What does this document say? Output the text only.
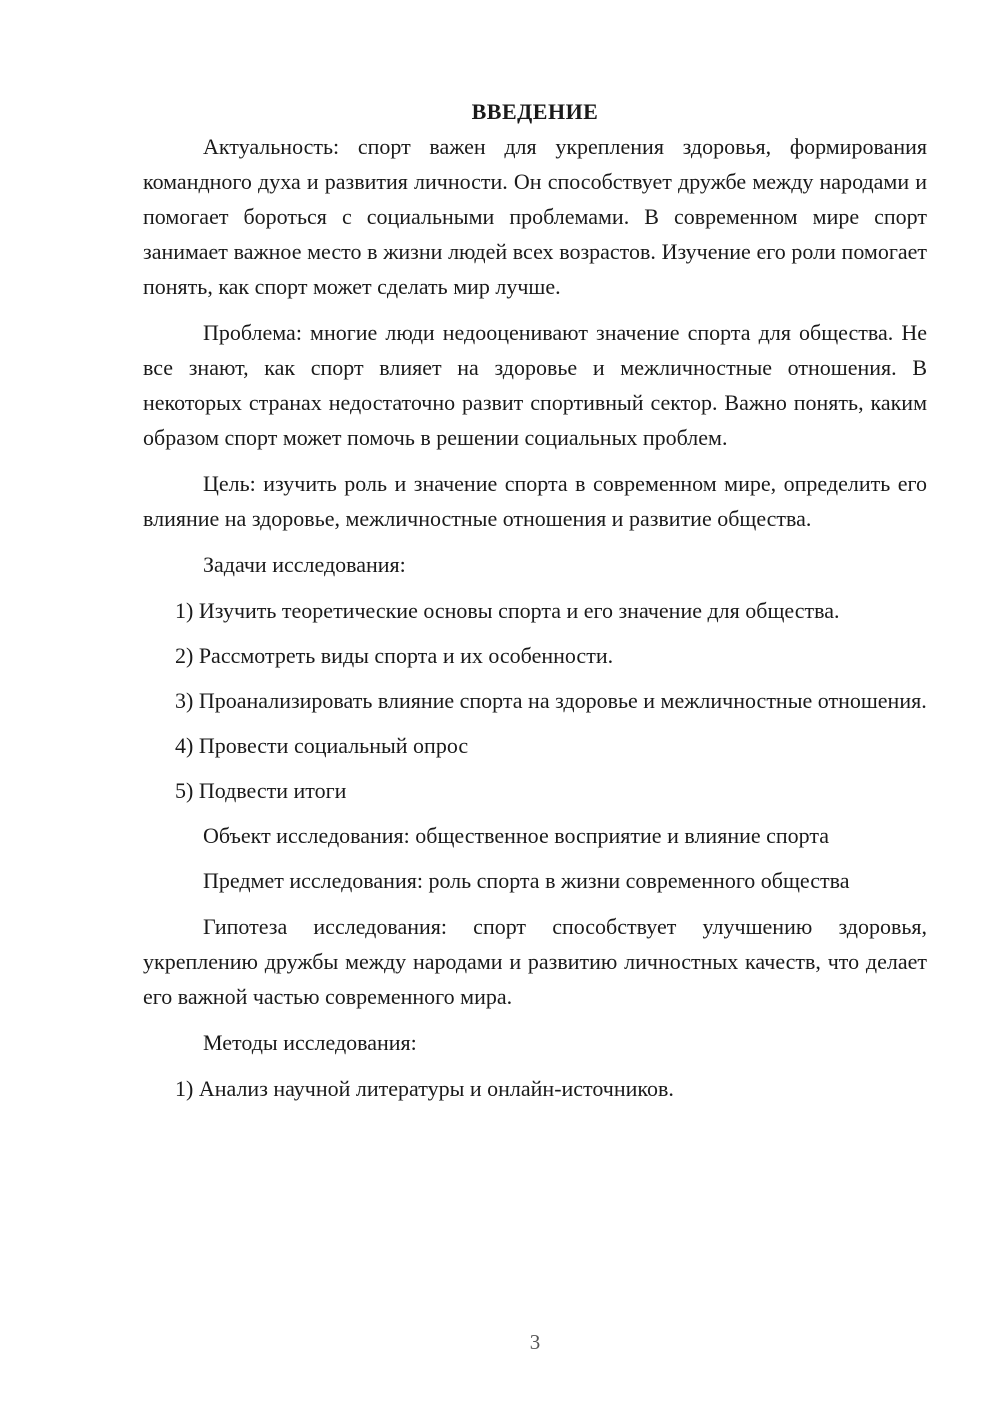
ВВЕДЕНИЕ

Актуальность: спорт важен для укрепления здоровья, формирования командного духа и развития личности. Он способствует дружбе между народами и помогает бороться с социальными проблемами. В современном мире спорт занимает важное место в жизни людей всех возрастов. Изучение его роли помогает понять, как спорт может сделать мир лучше.

Проблема: многие люди недооценивают значение спорта для общества. Не все знают, как спорт влияет на здоровье и межличностные отношения. В некоторых странах недостаточно развит спортивный сектор. Важно понять, каким образом спорт может помочь в решении социальных проблем.

Цель: изучить роль и значение спорта в современном мире, определить его влияние на здоровье, межличностные отношения и развитие общества.

Задачи исследования:

1) Изучить теоретические основы спорта и его значение для общества.

2) Рассмотреть виды спорта и их особенности.

3) Проанализировать влияние спорта на здоровье и межличностные отношения.

4) Провести социальный опрос

5) Подвести итоги

Объект исследования: общественное восприятие и влияние спорта

Предмет исследования: роль спорта в жизни современного общества

Гипотеза исследования: спорт способствует улучшению здоровья, укреплению дружбы между народами и развитию личностных качеств, что делает его важной частью современного мира.

Методы исследования:

1) Анализ научной литературы и онлайн-источников.

3
